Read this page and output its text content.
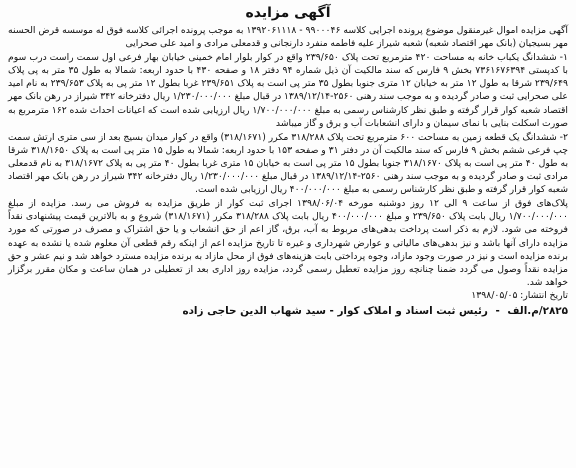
آگهی مزایده

آگهی مزایده اموال غیرمنقول موضوع پرونده اجرایی کلاسه ۹۹۰۰۰۴۶ - ۱۳۹۲۰۶۱۱۱۸ به موجب پرونده اجرائی کلاسه فوق له موسسه قرض الحسنه مهر بسیجیان (بانک مهر اقتصاد شعبه) شعبه شیراز علیه فاطمه منفرد دارنجانی و قدمعلی مرادی و امید علی صحرایی

۱- ششدانگ یکباب خانه به مساحت ۴۲۰ مترمربع تحت پلاک ۲۳۹/۶۵۰ واقع در کوار بلوار امام خمینی خیابان بهار فرعی اول سمت راست درب سوم با کدپستی ۷۳۶۱۶۷۶۳۹۴ بخش ۹ فارس که سند مالکیت آن ذیل شماره ۹۴ دفتر ۱۸ و صفحه ۴۳۰ با حدود اربعه: شمالا به طول ۳۵ متر به پی پلاک ۲۳۹/۶۴۹ شرقا به طول ۱۲ متر به خیابان ۱۲ متری جنوبا بطول ۳۵ متر پی است به پلاک ۲۳۹/۶۵۱ غربا بطول ۱۲ متر پی به پلاک ۲۳۹/۶۵۳ به نام امید علی صحرایی ثبت و صادر گردیده و به موجب سند رهنی ۲۵۶۰-۱۳۸۹/۱۲/۱۴ در قبال مبلغ ۱/۲۳۰/۰۰۰/۰۰۰ ریال دفترخانه ۳۴۲ شیراز در رهن بانک مهر اقتصاد شعبه کوار قرار گرفته و طبق نظر کارشناس رسمی به مبلغ ۱/۷۰۰/۰۰۰/۰۰۰ ریال ارزیابی شده است که اعیانات احداث شده ۱۶۲ مترمربع به صورت اسکلت بنایی با نمای سیمان و دارای انشعابات آب و برق و گاز میباشد

۲- ششدانگ یک قطعه زمین به مساحت ۶۰۰ مترمربع تحت پلاک ۳۱۸/۲۸۸ مکرر (۳۱۸/۱۶۷۱) واقع در کوار میدان بسیج بعد از سی متری ارتش سمت چپ فرعی ششم بخش ۹ فارس که سند مالکیت آن در دفتر ۳۱ و صفحه ۱۵۳ با حدود اربعه: شمالا به طول ۱۵ متر پی است به پلاک ۳۱۸/۱۶۵۰ شرقا به طول ۴۰ متر پی است به پلاک ۳۱۸/۱۶۷۰ جنوبا بطول ۱۵ متر پی است به خیابان ۱۵ متری غربا بطول ۴۰ متر پی به پلاک ۳۱۸/۱۶۷۲ به نام قدمعلی مرادی ثبت و صادر گردیده و به موجب سند رهنی ۲۵۶۰-۱۳۸۹/۱۲/۱۴ در قبال مبلغ ۱/۲۳۰/۰۰۰/۰۰۰ ریال دفترخانه ۳۴۲ شیراز در رهن بانک مهر اقتصاد شعبه کوار قرار گرفته و طبق نظر کارشناس رسمی به مبلغ ۴۰۰/۰۰۰/۰۰۰ ریال ارزیابی شده است.

پلاک‌های فوق از ساعت ۹ الی ۱۲ روز دوشنبه مورخه ۱۳۹۸/۰۶/۰۴ اجرای ثبت کوار از طریق مزایده به فروش می رسد. مزایده از مبلغ ۱/۷۰۰/۰۰۰/۰۰۰ ریال بابت پلاک ۲۳۹/۶۵۰ و مبلغ ۴۰۰/۰۰۰/۰۰۰ ریال بابت پلاک ۳۱۸/۲۸۸ مکرر (۳۱۸/۱۶۷۱) شروع و به بالاترین قیمت پیشنهادی نقداً فروخته می شود. لازم به ذکر است پرداخت بدهی‌های مربوط به آب، برق، گاز اعم از حق انشعاب و یا حق اشتراک و مصرف در صورتی که مورد مزایده دارای آنها باشد و نیز بدهی‌های مالیاتی و عوارض شهرداری و غیره تا تاریخ مزایده اعم از اینکه رقم قطعی آن معلوم شده یا نشده به عهده برنده مزایده است و نیز در صورت وجود مازاد، وجوه پرداختی بابت هزینه‌های فوق از محل مازاد به برنده مزایده مسترد خواهد شد و نیم عشر و حق مزایده نقداً وصول می گردد ضمنا چنانچه روز مزایده تعطیل رسمی گردد، مزایده روز اداری بعد از تعطیلی در همان ساعت و مکان مقرر برگزار خواهد شد.

تاریخ انتشار: ۱۳۹۸/۰۵/۰۵

۲۸۲۵/م.الف - رئیس ثبت اسناد و املاک کوار - سید شهاب الدین حاجی زاده
